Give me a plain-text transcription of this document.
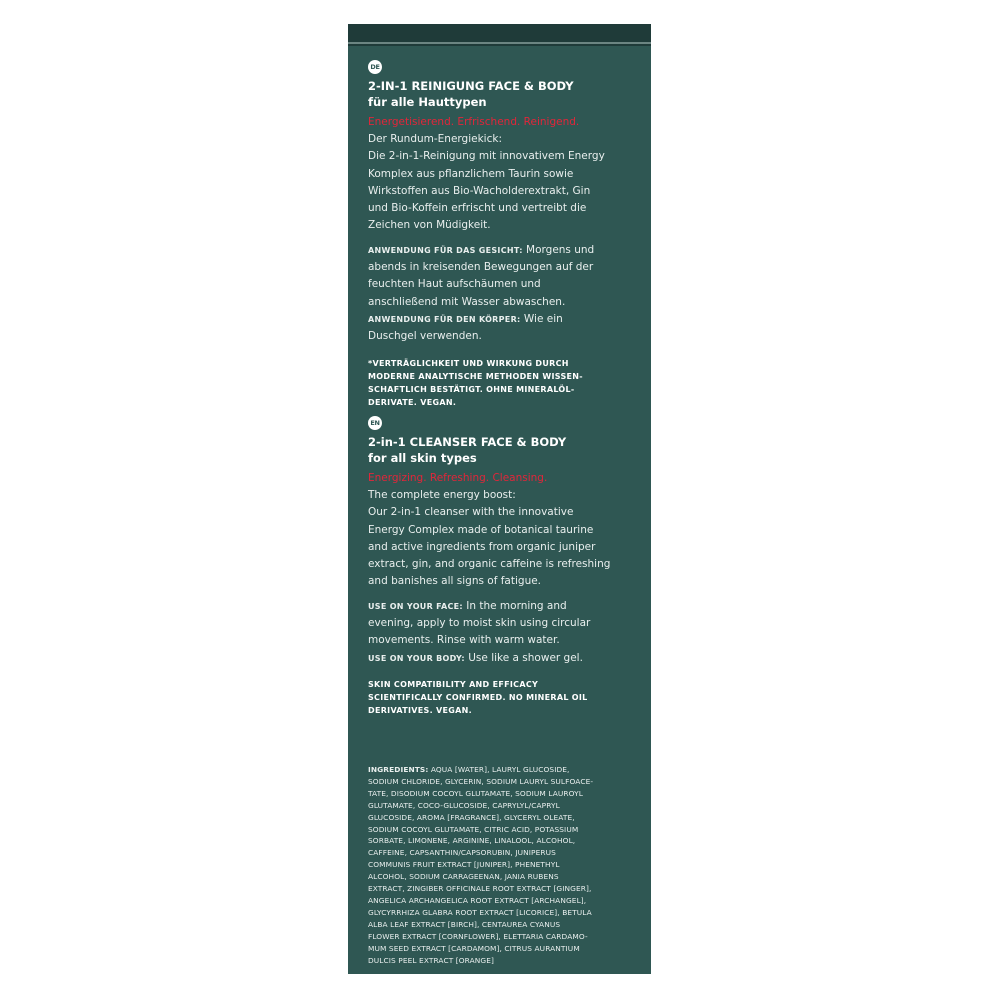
DE
2-IN-1 REINIGUNG FACE & BODY
für alle Hauttypen
Energetisierend. Erfrischend. Reinigend.
Der Rundum-Energiekick:
Die 2-in-1-Reinigung mit innovativem Energy
Komplex aus pflanzlichem Taurin sowie
Wirkstoffen aus Bio-Wacholderextrakt, Gin
und Bio-Koffein erfrischt und vertreibt die
Zeichen von Müdigkeit.
ANWENDUNG FÜR DAS GESICHT: Morgens und
abends in kreisenden Bewegungen auf der
feuchten Haut aufschäumen und
anschließend mit Wasser abwaschen.
ANWENDUNG FÜR DEN KÖRPER: Wie ein
Duschgel verwenden.
*VERTRÄGLICHKEIT UND WIRKUNG DURCH
MODERNE ANALYTISCHE METHODEN WISSEN-
SCHAFTLICH BESTÄTIGT. OHNE MINERALÖL-
DERIVATE. VEGAN.
EN
2-in-1 CLEANSER FACE & BODY
for all skin types
Energizing. Refreshing. Cleansing.
The complete energy boost:
Our 2-in-1 cleanser with the innovative
Energy Complex made of botanical taurine
and active ingredients from organic juniper
extract, gin, and organic caffeine is refreshing
and banishes all signs of fatigue.
USE ON YOUR FACE: In the morning and
evening, apply to moist skin using circular
movements. Rinse with warm water.
USE ON YOUR BODY: Use like a shower gel.
SKIN COMPATIBILITY AND EFFICACY
SCIENTIFICALLY CONFIRMED. NO MINERAL OIL
DERIVATIVES. VEGAN.
INGREDIENTS: AQUA [WATER], LAURYL GLUCOSIDE,
SODIUM CHLORIDE, GLYCERIN, SODIUM LAURYL SULFOACE-
TATE, DISODIUM COCOYL GLUTAMATE, SODIUM LAUROYL
GLUTAMATE, COCO-GLUCOSIDE, CAPRYLYL/CAPRYL
GLUCOSIDE, AROMA [FRAGRANCE], GLYCERYL OLEATE,
SODIUM COCOYL GLUTAMATE, CITRIC ACID, POTASSIUM
SORBATE, LIMONENE, ARGININE, LINALOOL, ALCOHOL,
CAFFEINE, CAPSANTHIN/CAPSORUBIN, JUNIPERUS
COMMUNIS FRUIT EXTRACT [JUNIPER], PHENETHYL
ALCOHOL, SODIUM CARRAGEENAN, JANIA RUBENS
EXTRACT, ZINGIBER OFFICINALE ROOT EXTRACT [GINGER],
ANGELICA ARCHANGELICA ROOT EXTRACT [ARCHANGEL],
GLYCYRRHIZA GLABRA ROOT EXTRACT [LICORICE], BETULA
ALBA LEAF EXTRACT [BIRCH], CENTAUREA CYANUS
FLOWER EXTRACT [CORNFLOWER], ELETTARIA CARDAMO-
MUM SEED EXTRACT [CARDAMOM], CITRUS AURANTIUM
DULCIS PEEL EXTRACT [ORANGE]
